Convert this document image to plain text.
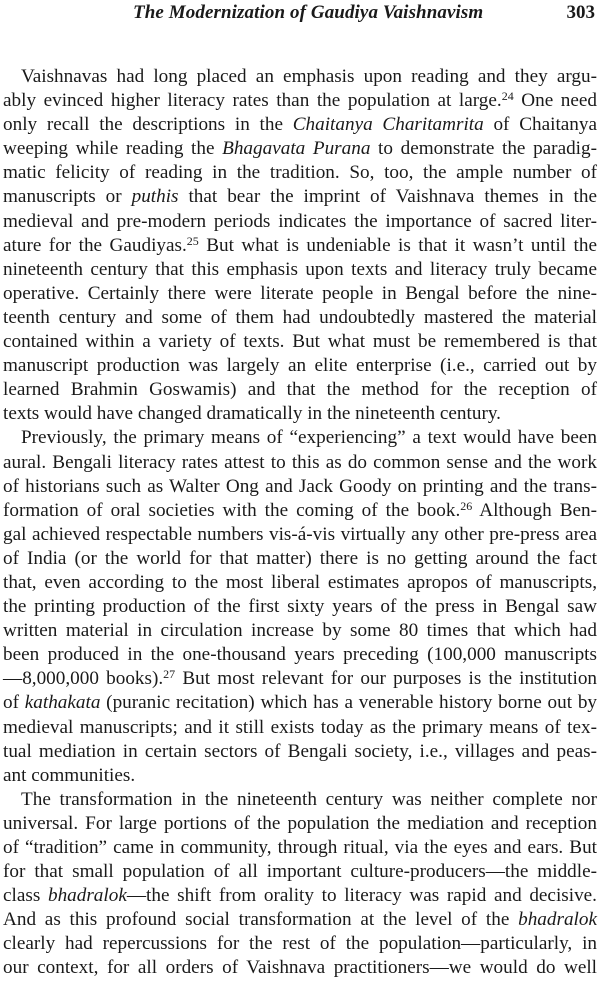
The Modernization of Gaudiya Vaishnavism	303
Vaishnavas had long placed an emphasis upon reading and they argu-
ably evinced higher literacy rates than the population at large.$^{24}$ One need
only recall the descriptions in the Chaitanya Charitamrita of Chaitanya
weeping while reading the Bhagavata Purana to demonstrate the paradig-
matic felicity of reading in the tradition. So, too, the ample number of
manuscripts or puthis that bear the imprint of Vaishnava themes in the
medieval and pre-modern periods indicates the importance of sacred liter-
ature for the Gaudiyas.$^{25}$ But what is undeniable is that it wasn’t until the
nineteenth century that this emphasis upon texts and literacy truly became
operative. Certainly there were literate people in Bengal before the nine-
teenth century and some of them had undoubtedly mastered the material
contained within a variety of texts. But what must be remembered is that
manuscript production was largely an elite enterprise (i.e., carried out by
learned Brahmin Goswamis) and that the method for the reception of
texts would have changed dramatically in the nineteenth century.
Previously, the primary means of “experiencing” a text would have been
aural. Bengali literacy rates attest to this as do common sense and the work
of historians such as Walter Ong and Jack Goody on printing and the trans-
formation of oral societies with the coming of the book.$^{26}$ Although Ben-
gal achieved respectable numbers vis-á-vis virtually any other pre-press area
of India (or the world for that matter) there is no getting around the fact
that, even according to the most liberal estimates apropos of manuscripts,
the printing production of the first sixty years of the press in Bengal saw
written material in circulation increase by some 80 times that which had
been produced in the one-thousand years preceding (100,000 manuscripts
—8,000,000 books).$^{27}$ But most relevant for our purposes is the institution
of kathakata (puranic recitation) which has a venerable history borne out by
medieval manuscripts; and it still exists today as the primary means of tex-
tual mediation in certain sectors of Bengali society, i.e., villages and peas-
ant communities.
The transformation in the nineteenth century was neither complete nor
universal. For large portions of the population the mediation and reception
of “tradition” came in community, through ritual, via the eyes and ears. But
for that small population of all important culture-producers—the middle-
class bhadralok—the shift from orality to literacy was rapid and decisive.
And as this profound social transformation at the level of the bhadralok
clearly had repercussions for the rest of the population—particularly, in
our context, for all orders of Vaishnava practitioners—we would do well
